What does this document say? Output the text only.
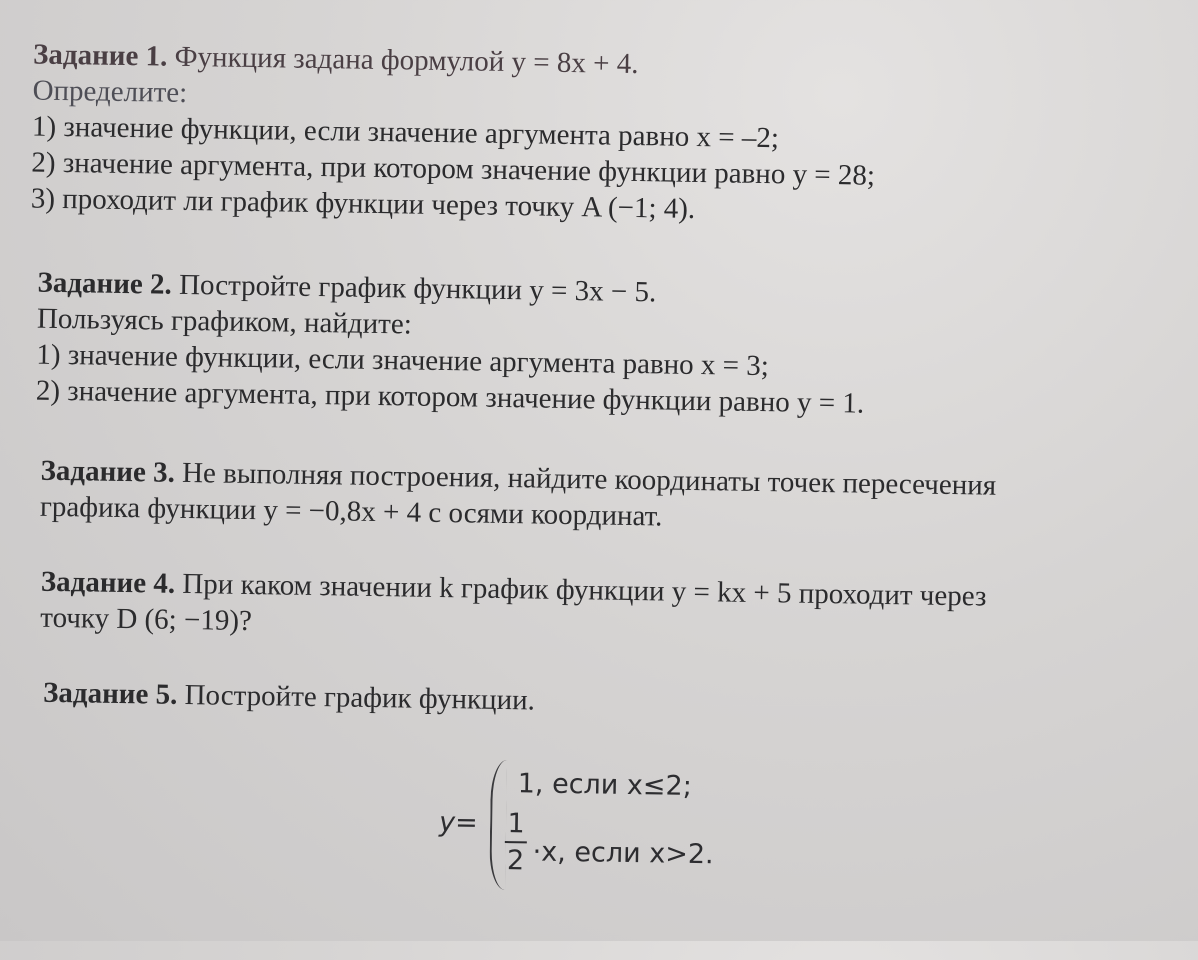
Задание 1. Функция задана формулой y = 8x + 4.

Определите:

1) значение функции, если значение аргумента равно x = –2;

2) значение аргумента, при котором значение функции равно y = 28;

3) проходит ли график функции через точку A (−1; 4).

Задание 2. Постройте график функции y = 3x − 5.

Пользуясь графиком, найдите:

1) значение функции, если значение аргумента равно x = 3;

2) значение аргумента, при котором значение функции равно y = 1.

Задание 3. Не выполняя построения, найдите координаты точек пересечения

графика функции y = −0,8x + 4 с осями координат.

Задание 4. При каком значении k график функции y = kx + 5 проходит через

точку D (6; −19)?

Задание 5. Постройте график функции.

y=
1, если x≤2;
1
2 ·x, если x>2.
